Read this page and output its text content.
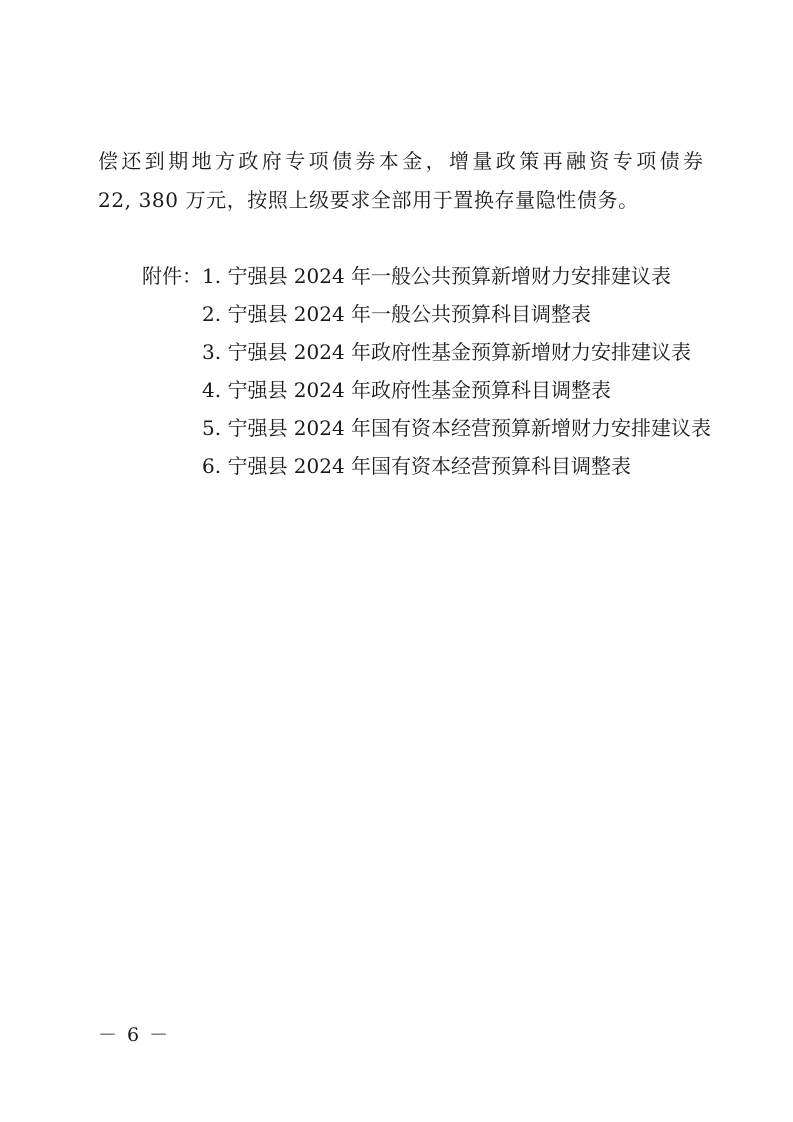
偿还到期地方政府专项债券本金，增量政策再融资专项债券
22, 380 万元，按照上级要求全部用于置换存量隐性债务。
附件： 1. 宁强县 2024 年一般公共预算新增财力安排建议表
2. 宁强县 2024 年一般公共预算科目调整表
3. 宁强县 2024 年政府性基金预算新增财力安排建议表
4. 宁强县 2024 年政府性基金预算科目调整表
5. 宁强县 2024 年国有资本经营预算新增财力安排建议表
6. 宁强县 2024 年国有资本经营预算科目调整表
－ 6 －
